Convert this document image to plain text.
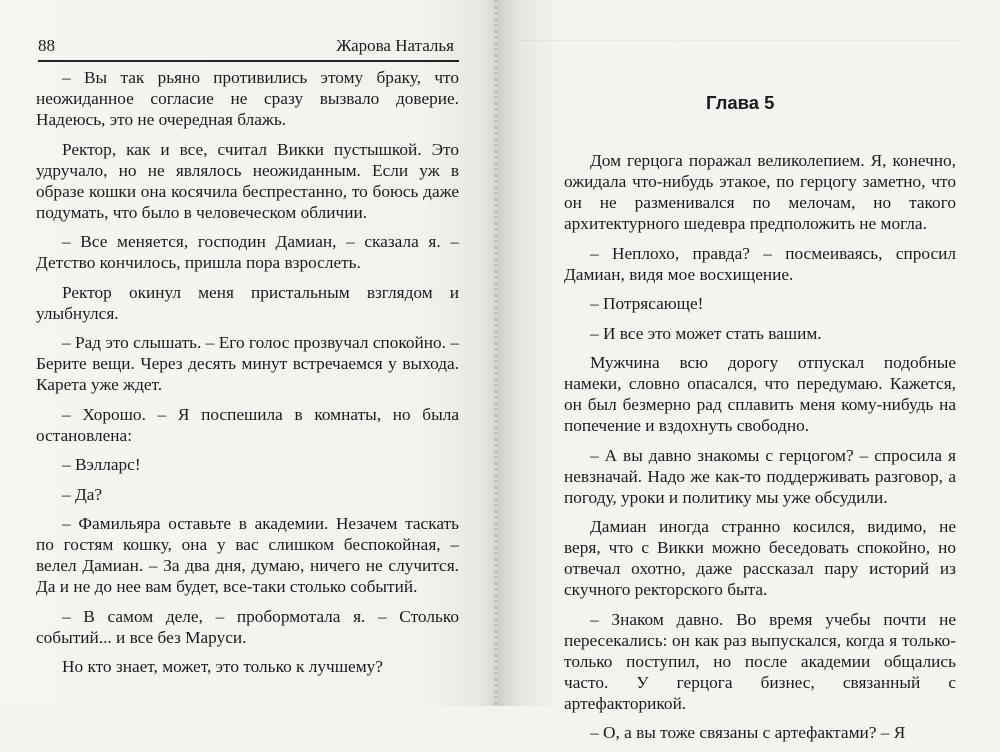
88	Жарова Наталья

– Вы так рьяно противились этому браку, что неожиданное согласие не сразу вызвало доверие. Надеюсь, это не очередная блажь.

Ректор, как и все, считал Викки пустышкой. Это удручало, но не являлось неожиданным. Если уж в образе кошки она косячила беспрестанно, то боюсь даже подумать, что было в человеческом обличии.

– Все меняется, господин Дамиан, – сказала я. – Детство кончилось, пришла пора взрослеть.

Ректор окинул меня пристальным взглядом и улыбнулся.

– Рад это слышать. – Его голос прозвучал спокойно. – Берите вещи. Через десять минут встречаемся у выхода. Карета уже ждет.

– Хорошо. – Я поспешила в комнаты, но была остановлена:

– Вэлларс!

– Да?

– Фамильяра оставьте в академии. Незачем таскать по гостям кошку, она у вас слишком беспокойная, – велел Дамиан. – За два дня, думаю, ничего не случится. Да и не до нее вам будет, все-таки столько событий.

– В самом деле, – пробормотала я. – Столько событий... и все без Маруси.

Но кто знает, может, это только к лучшему?

Глава 5

Дом герцога поражал великолепием. Я, конечно, ожидала что-нибудь этакое, по герцогу заметно, что он не разменивался по мелочам, но такого архитектурного шедевра предположить не могла.

– Неплохо, правда? – посмеиваясь, спросил Дамиан, видя мое восхищение.

– Потрясающе!

– И все это может стать вашим.

Мужчина всю дорогу отпускал подобные намеки, словно опасался, что передумаю. Кажется, он был безмерно рад сплавить меня кому-нибудь на попечение и вздохнуть свободно.

– А вы давно знакомы с герцогом? – спросила я невзначай. Надо же как-то поддерживать разговор, а погоду, уроки и политику мы уже обсудили.

Дамиан иногда странно косился, видимо, не веря, что с Викки можно беседовать спокойно, но отвечал охотно, даже рассказал пару историй из скучного ректорского быта.

– Знаком давно. Во время учебы почти не пересекались: он как раз выпускался, когда я только-только поступил, но после академии общались часто. У герцога бизнес, связанный с артефакторикой.

– О, а вы тоже связаны с артефактами? – Я
